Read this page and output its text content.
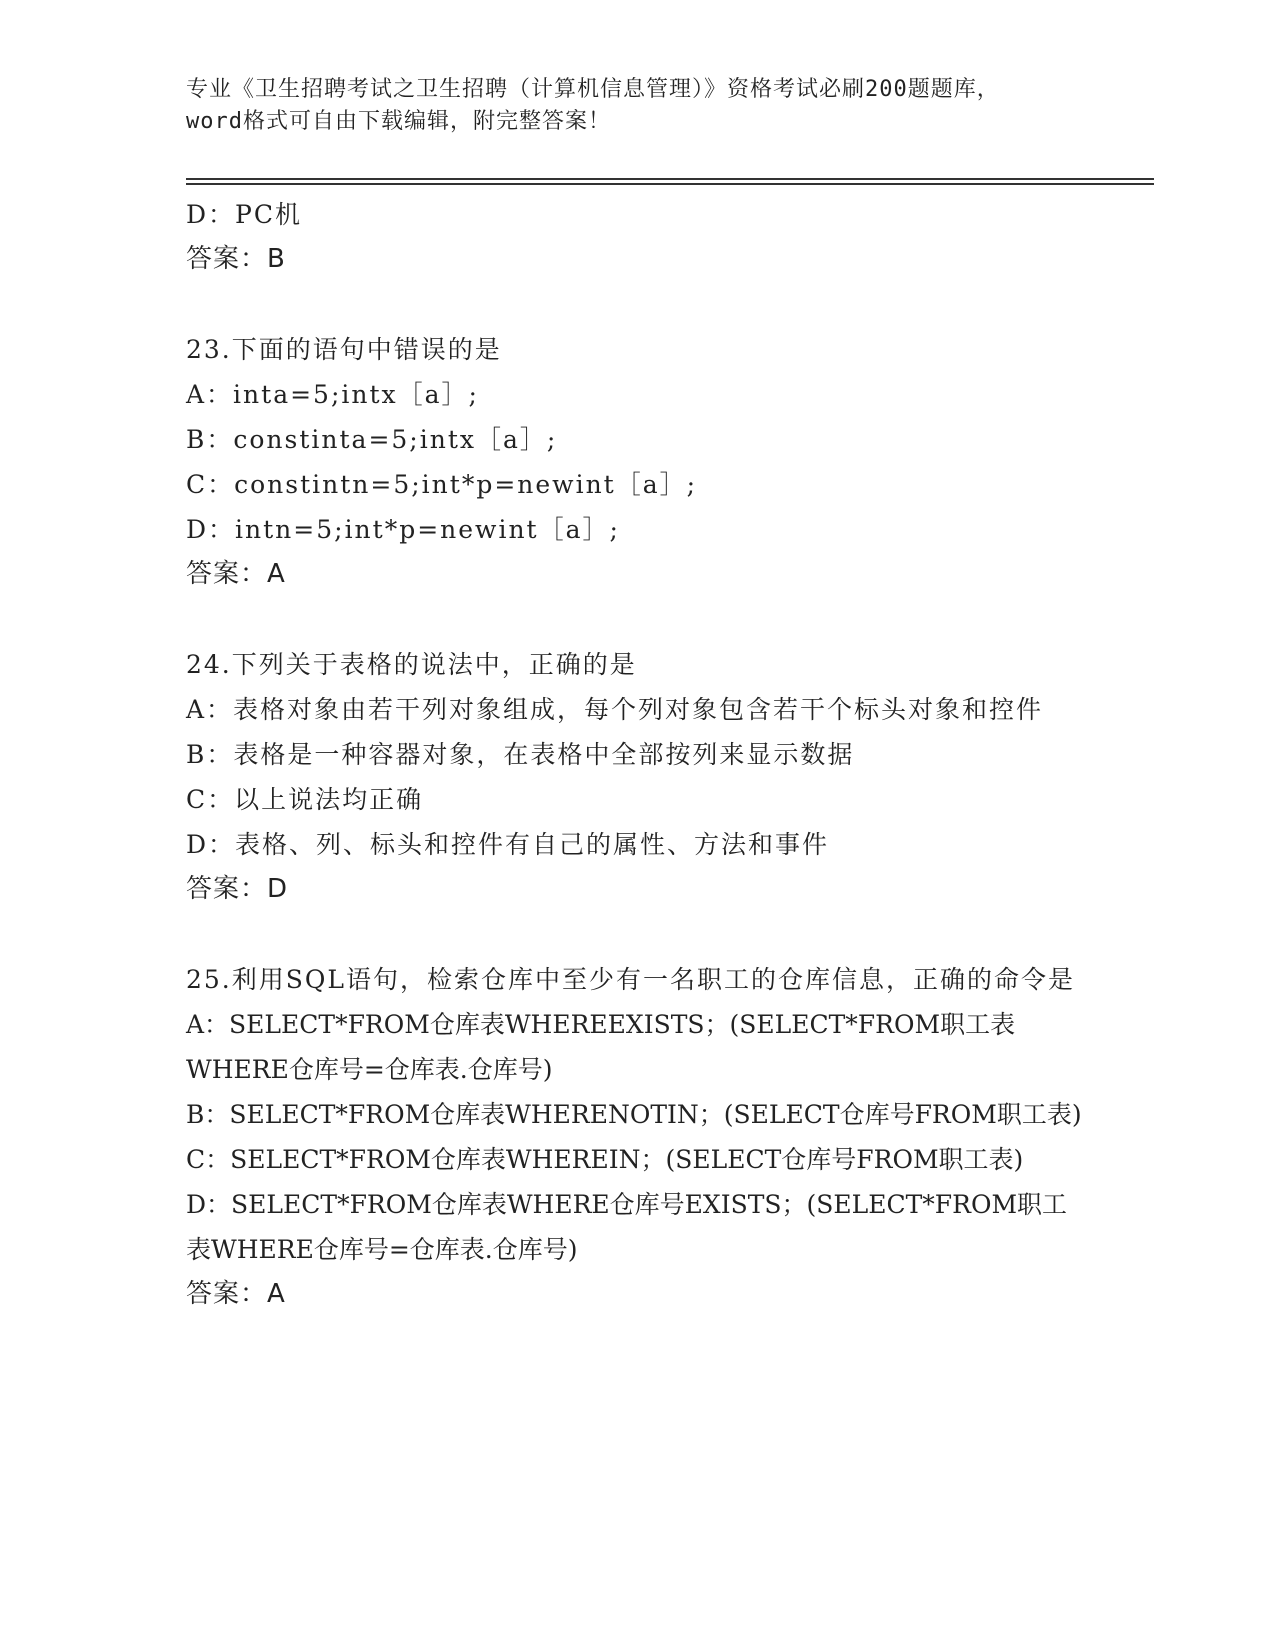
专业《卫生招聘考试之卫生招聘（计算机信息管理）》资格考试必刷200题题库，
word格式可自由下载编辑，附完整答案！

D：PC机

答案：B

23.下面的语句中错误的是

A：inta=5;intx［a］;

B：constinta=5;intx［a］;

C：constintn=5;int*p=newint［a］;

D：intn=5;int*p=newint［a］;

答案：A

24.下列关于表格的说法中，正确的是

A：表格对象由若干列对象组成，每个列对象包含若干个标头对象和控件

B：表格是一种容器对象，在表格中全部按列来显示数据

C：以上说法均正确

D：表格、列、标头和控件有自己的属性、方法和事件

答案：D

25.利用SQL语句，检索仓库中至少有一名职工的仓库信息，正确的命令是

A：SELECT*FROM仓库表WHEREEXISTS；(SELECT*FROM职工表WHERE仓库号=仓库表.仓库号)

B：SELECT*FROM仓库表WHERENOTIN；(SELECT仓库号FROM职工表)

C：SELECT*FROM仓库表WHEREIN；(SELECT仓库号FROM职工表)

D：SELECT*FROM仓库表WHERE仓库号EXISTS；(SELECT*FROM职工表WHERE仓库号=仓库表.仓库号)

答案：A
